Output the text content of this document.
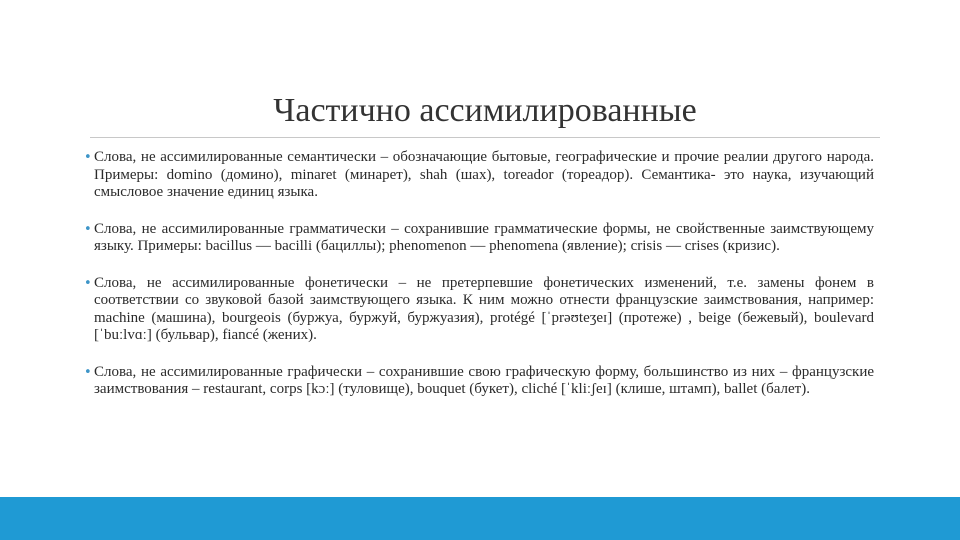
Частично ассимилированные
• Слова, не ассимилированные семантически – обозначающие бытовые, географические и прочие реалии другого народа. Примеры: domino (домино), minaret (минарет), shah (шах), toreador (тореадор). Семантика- это наука, изучающий смысловое значение единиц языка.
• Слова, не ассимилированные грамматически – сохранившие грамматические формы, не свойственные заимствующему языку. Примеры: bacillus — bacilli (бациллы); phenomenon — phenomena (явление); crisis — crises (кризис).
• Слова, не ассимилированные фонетически – не претерпевшие фонетических изменений, т.е. замены фонем в соответствии со звуковой базой заимствующего языка. К ним можно отнести французские заимствования, например: machine (машина), bourgeois (буржуа, буржуй, буржуазия), protégé [ˈprəʊteʒeɪ] (протеже) , beige (бежевый), boulevard [ˈbuːlvɑː] (бульвар), fiancé (жених).
• Слова, не ассимилированные графически – сохранившие свою графическую форму, большинство из них – французские заимствования – restaurant, corps [kɔː] (туловище), bouquet (букет), cliché [ˈkliːʃeɪ] (клише, штамп), ballet (балет).
